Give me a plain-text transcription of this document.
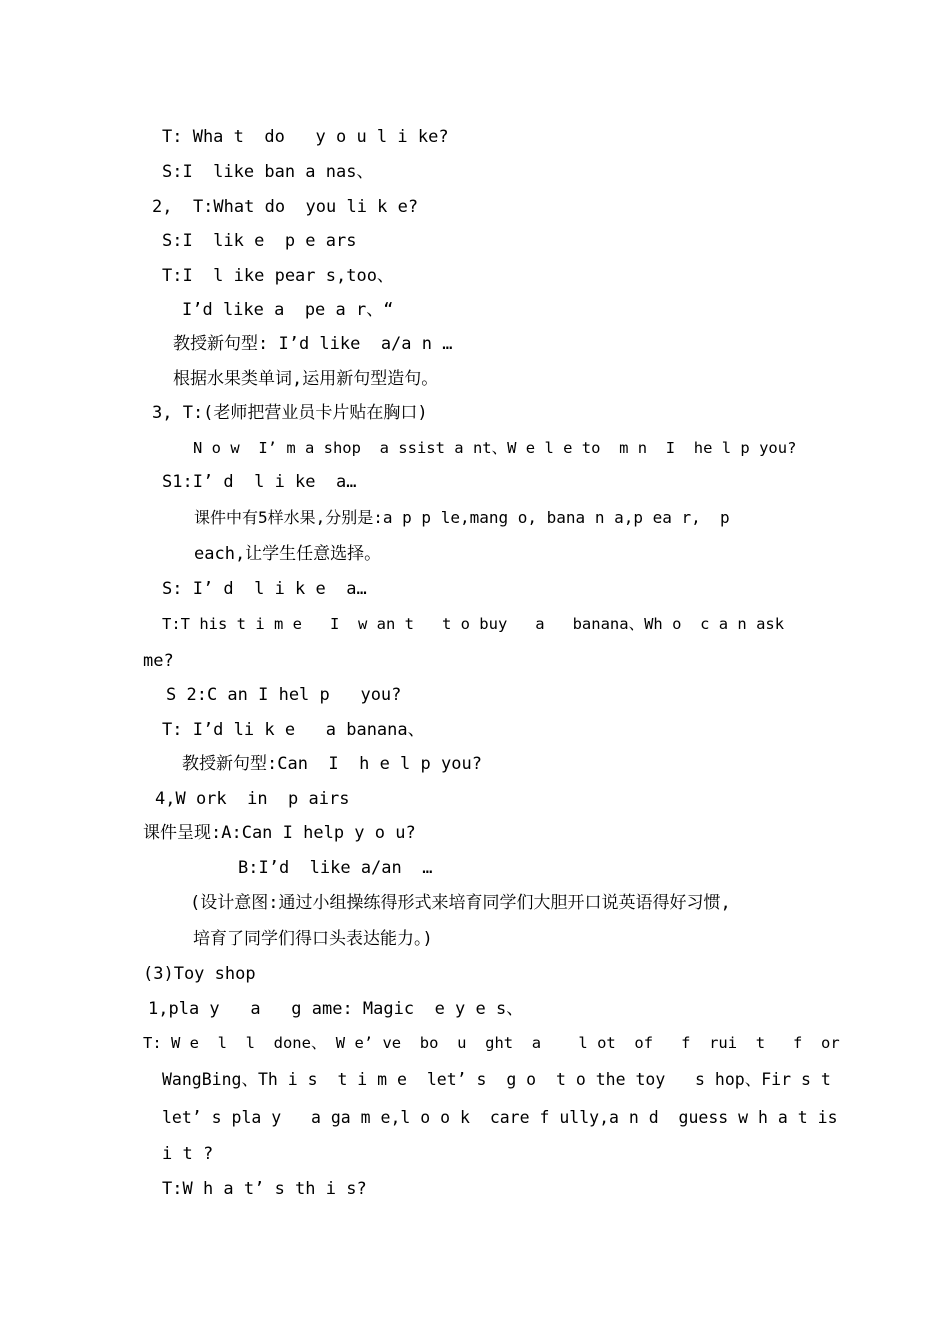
T: Wha t  do   y o u l i ke?

S:I  like ban a nas、

2,  T:What do  you li k e?

S:I  lik e  p e ars

T:I  l ike pear s,too、

I’d like a  pe a r、“

教授新句型: I’d like  a/a n …

根据水果类单词,运用新句型造句。

3, T:(老师把营业员卡片贴在胸口)

N o w  I’ m a shop  a ssist a nt、W e l e to  m n  I  he l p you?

S1:I’ d  l i ke  a…

课件中有5样水果,分别是:a p p le,mang o, bana n a,p ea r,  p

each,让学生任意选择。

S: I’ d  l i k e  a…

T:T his t i m e   I  w an t   t o buy   a   banana、Wh o  c a n ask

me?

S 2:C an I hel p   you?

T: I’d li k e   a banana、

教授新句型:Can  I  h e l p you?

4,W ork  in  p airs

课件呈现:A:Can I help y o u?

B:I’d  like a/an  …

(设计意图:通过小组操练得形式来培育同学们大胆开口说英语得好习惯,

培育了同学们得口头表达能力。)

(3)Toy shop

1,pla y   a   g ame: Magic  e y e s、

T: W e  l  l  done、 W e’ ve  bo  u  ght  a    l ot  of   f  rui  t   f  or

WangBing、Th i s  t i m e  let’ s  g o  t o the toy   s hop、Fir s t

let’ s pla y   a ga m e,l o o k  care f ully,a n d  guess w h a t is

i t ?

T:W h a t’ s th i s?
